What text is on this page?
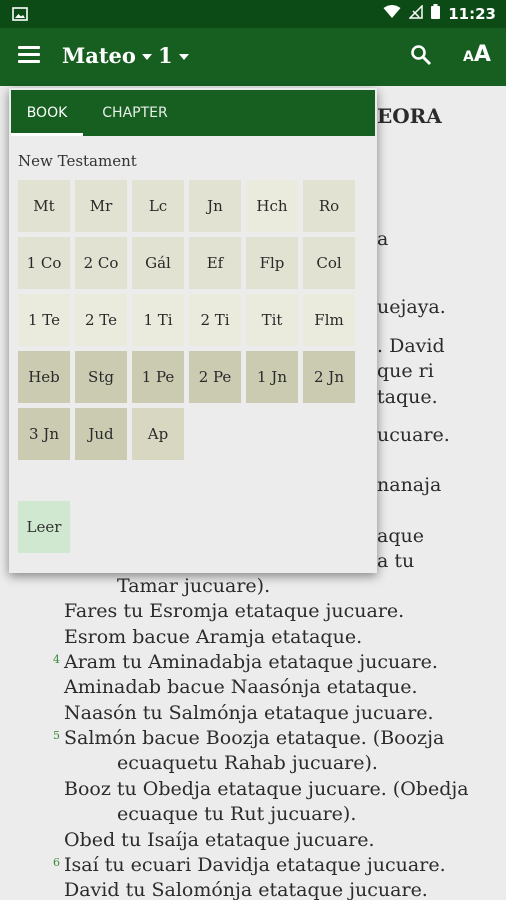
11:23
Mateo 1	AA
EORA
a
uejaya.
. David
que ri
taque.
ucuare.
nanaja
aque
a tu
Tamar jucuare).
Fares tu Esromja etataque jucuare.
Esrom bacue Aramja etataque.
4 Aram tu Aminadabja etataque jucuare.
Aminadab bacue Naasónja etataque.
Naasón tu Salmónja etataque jucuare.
5 Salmón bacue Boozja etataque. (Boozja
ecuaquetu Rahab jucuare).
Booz tu Obedja etataque jucuare. (Obedja
ecuaque tu Rut jucuare).
Obed tu Isaíja etataque jucuare.
6 Isaí tu ecuari Davidja etataque jucuare.
David tu Salomónja etataque jucuare.
BOOK	CHAPTER
New Testament
Mt	Mr	Lc	Jn	Hch	Ro
1 Co	2 Co	Gál	Ef	Flp	Col
1 Te	2 Te	1 Ti	2 Ti	Tit	Flm
Heb	Stg	1 Pe	2 Pe	1 Jn	2 Jn
3 Jn	Jud	Ap
Leer
